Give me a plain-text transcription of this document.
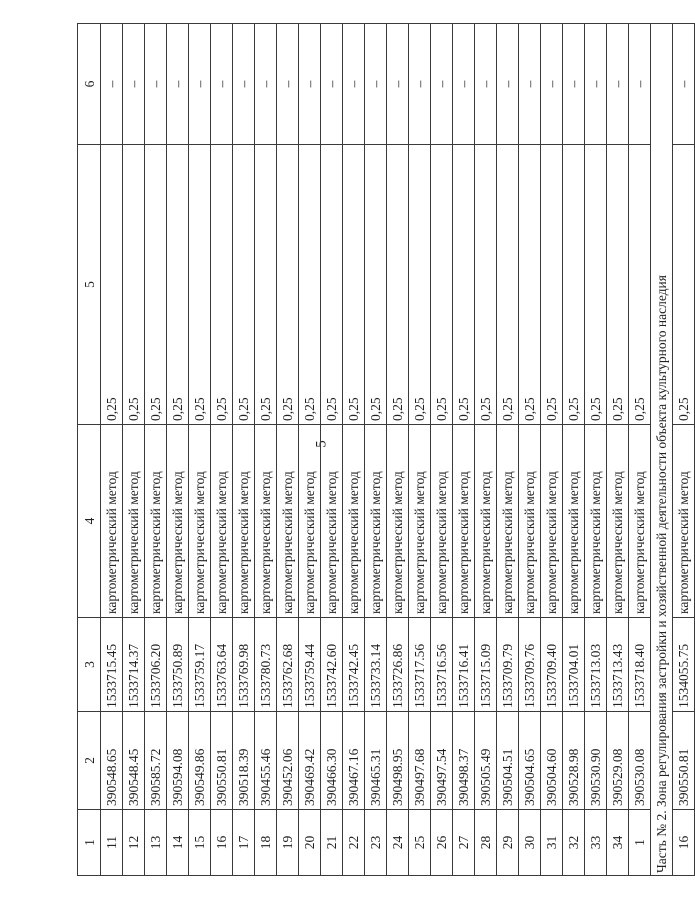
5
1	2	3	4	5	6
11	390548.65	1533715.45	картометрический метод	0,25	–
12	390548.45	1533714.37	картометрический метод	0,25	–
13	390585.72	1533706.20	картометрический метод	0,25	–
14	390594.08	1533750.89	картометрический метод	0,25	–
15	390549.86	1533759.17	картометрический метод	0,25	–
16	390550.81	1533763.64	картометрический метод	0,25	–
17	390518.39	1533769.98	картометрический метод	0,25	–
18	390455.46	1533780.73	картометрический метод	0,25	–
19	390452.06	1533762.68	картометрический метод	0,25	–
20	390469.42	1533759.44	картометрический метод	0,25	–
21	390466.30	1533742.60	картометрический метод	0,25	–
22	390467.16	1533742.45	картометрический метод	0,25	–
23	390465.31	1533733.14	картометрический метод	0,25	–
24	390498.95	1533726.86	картометрический метод	0,25	–
25	390497.68	1533717.56	картометрический метод	0,25	–
26	390497.54	1533716.56	картометрический метод	0,25	–
27	390498.37	1533716.41	картометрический метод	0,25	–
28	390505.49	1533715.09	картометрический метод	0,25	–
29	390504.51	1533709.79	картометрический метод	0,25	–
30	390504.65	1533709.76	картометрический метод	0,25	–
31	390504.60	1533709.40	картометрический метод	0,25	–
32	390528.98	1533704.01	картометрический метод	0,25	–
33	390530.90	1533713.03	картометрический метод	0,25	–
34	390529.08	1533713.43	картометрический метод	0,25	–
1	390530.08	1533718.40	картометрический метод	0,25	–
Часть № 2. Зона регулирования застройки и хозяйственной деятельности объекта культурного наследия					
16	390550.81	1534055.75	картометрический метод	0,25	–
